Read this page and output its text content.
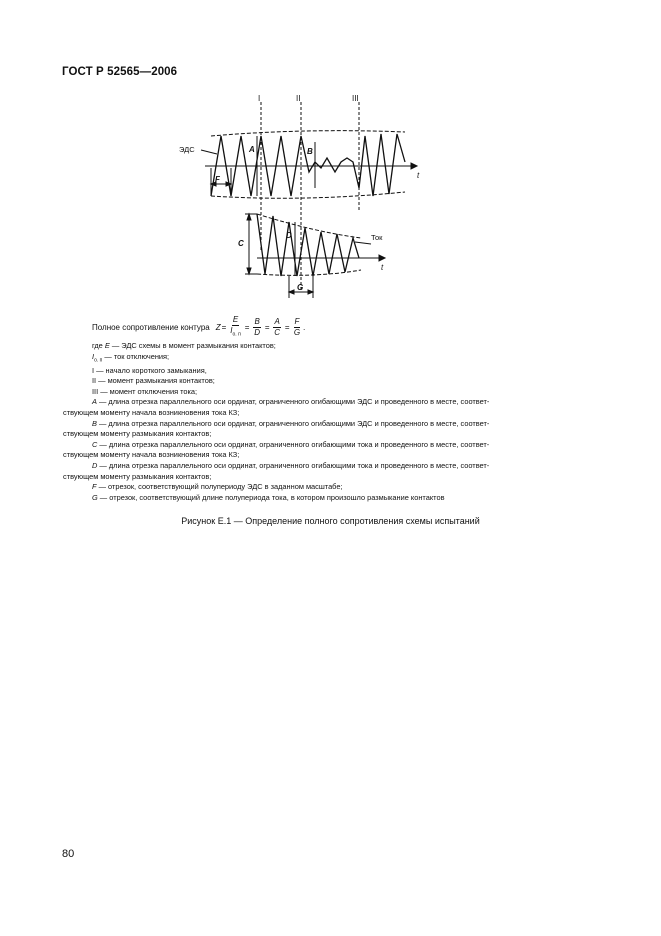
ГОСТ Р 52565—2006
I	II	III
ЭДС
Ток
t
t
A	B
C
D
F
G
Полное сопротивление контура $Z = \frac{E}{I_{о. п}} = \frac{B}{D} = \frac{A}{C} = \frac{F}{G}$ .

где E — ЭДС схемы в момент размыкания контактов;

$I_{о. п}$ — ток отключения;

I — начало короткого замыкания,

II — момент размыкания контактов;

III — момент отключения тока;

A — длина отрезка параллельного оси ординат, ограниченного огибающими ЭДС и проведенного в месте, соответ-

ствующем моменту начала возникновения тока КЗ;

B — длина отрезка параллельного оси ординат, ограниченного огибающими ЭДС и проведенного в месте, соответ-

ствующем моменту размыкания контактов;

C — длина отрезка параллельного оси ординат, ограниченного огибающими тока и проведенного в месте, соответ-

ствующем моменту начала возникновения тока КЗ;

D — длина отрезка параллельного оси ординат, ограниченного огибающими тока и проведенного в месте, соответ-

ствующем моменту размыкания контактов;

F — отрезок, соответствующий полупериоду ЭДС в заданном масштабе;

G — отрезок, соответствующий длине полупериода тока, в котором произошло размыкание контактов

Рисунок Е.1 — Определение полного сопротивления схемы испытаний
80
